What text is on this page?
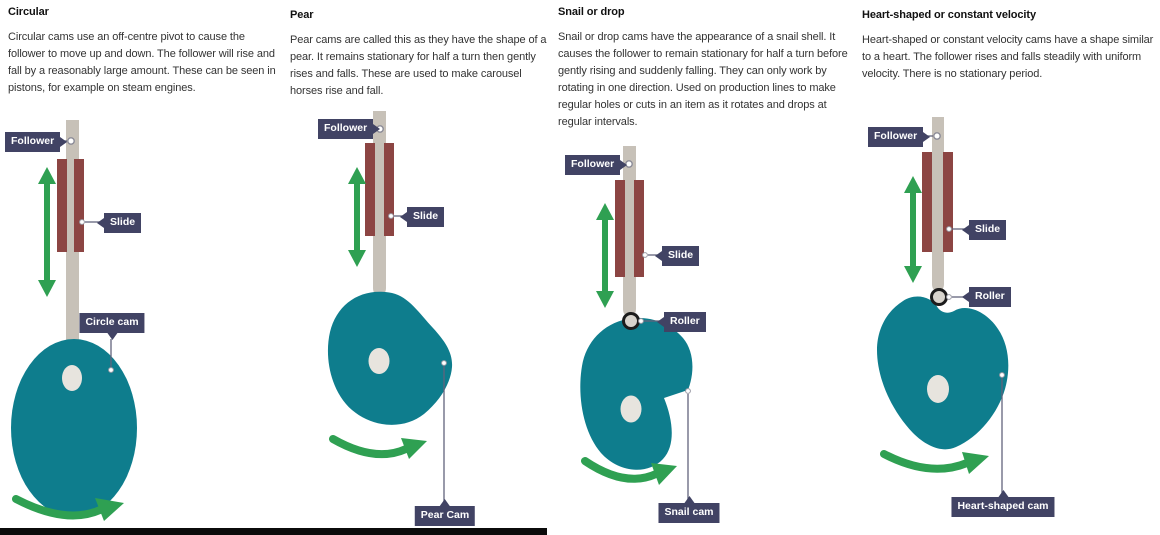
Circular

Circular cams use an off-centre pivot to cause the follower to move up and down. The follower will rise and fall by a reasonably large amount. These can be seen in pistons, for example on steam engines.

Pear

Pear cams are called this as they have the shape of a pear. It remains stationary for half a turn then gently rises and falls. These are used to make carousel horses rise and fall.

Snail or drop

Snail or drop cams have the appearance of a snail shell. It causes the follower to remain stationary for half a turn before gently rising and suddenly falling. They can only work by rotating in one direction. Used on production lines to make regular holes or cuts in an item as it rotates and drops at regular intervals.

Heart-shaped or constant velocity

Heart-shaped or constant velocity cams have a shape similar to a heart. The follower rises and falls steadily with uniform velocity. There is no stationary period.

Follower
Slide
Circle cam
Follower
Slide
Pear Cam
Follower
Slide
Roller
Snail cam
Follower
Slide
Roller
Heart-shaped cam
